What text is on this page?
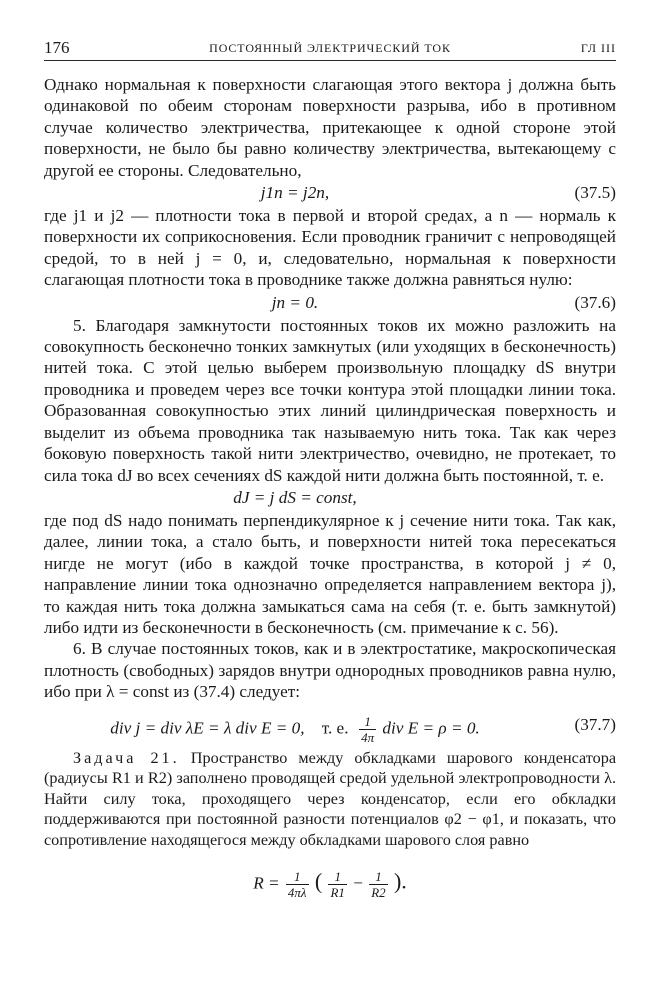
176	ПОСТОЯННЫЙ ЭЛЕКТРИЧЕСКИЙ ТОК	ГЛ III

Однако нормальная к поверхности слагающая этого вектора j должна быть одинаковой по обеим сторонам поверхности разрыва, ибо в противном случае количество электричества, притекающее к одной стороне этой поверхности, не было бы равно количеству электричества, вытекающему с другой ее стороны. Следовательно,

j1n = j2n,	(37.5)

где j1 и j2 — плотности тока в первой и второй средах, а n — нормаль к поверхности их соприкосновения. Если проводник граничит с непроводящей средой, то в ней j = 0, и, следовательно, нормальная к поверхности слагающая плотности тока в проводнике также должна равняться нулю:

jn = 0.	(37.6)

5. Благодаря замкнутости постоянных токов их можно разложить на совокупность бесконечно тонких замкнутых (или уходящих в бесконечность) нитей тока. С этой целью выберем произвольную площадку dS внутри проводника и проведем через все точки контура этой площадки линии тока. Образованная совокупностью этих линий цилиндрическая поверхность и выделит из объема проводника так называемую нить тока. Так как через боковую поверхность такой нити электричество, очевидно, не протекает, то сила тока dJ во всех сечениях dS каждой нити должна быть постоянной, т. е.

dJ = j dS = const,

где под dS надо понимать перпендикулярное к j сечение нити тока. Так как, далее, линии тока, а стало быть, и поверхности нитей тока пересекаться нигде не могут (ибо в каждой точке пространства, в которой j ≠ 0, направление линии тока однозначно определяется направлением вектора j), то каждая нить тока должна замыкаться сама на себя (т. е. быть замкнутой) либо идти из бесконечности в бесконечность (см. примечание к с. 56).

6. В случае постоянных токов, как и в электростатике, макроскопическая плотность (свободных) зарядов внутри однородных проводников равна нулю, ибо при λ = const из (37.4) следует:

div j = div λE = λ div E = 0, т. е. $\frac{1}{4\pi}$ div E = ρ = 0.	(37.7)

Задача 21. Пространство между обкладками шарового конденсатора (радиусы R1 и R2) заполнено проводящей средой удельной электропроводности λ. Найти силу тока, проходящего через конденсатор, если его обкладки поддерживаются при постоянной разности потенциалов φ2 − φ1, и показать, что сопротивление находящегося между обкладками шарового слоя равно

$R = \frac{1}{4\pi\lambda}$ ( $\frac{1}{R1} - \frac{1}{R2}$ ).
